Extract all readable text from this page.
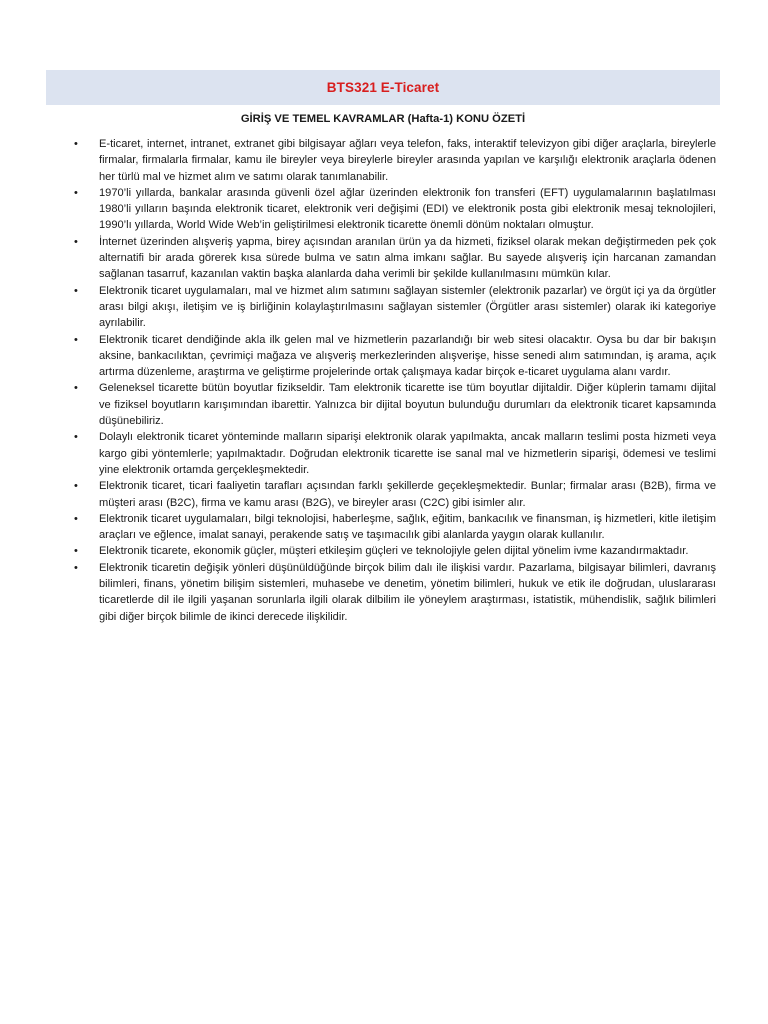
BTS321 E-Ticaret
GİRİŞ VE TEMEL KAVRAMLAR (Hafta-1) KONU ÖZETİ
• E-ticaret, internet, intranet, extranet gibi bilgisayar ağları veya telefon, faks, interaktif televizyon gibi diğer araçlarla, bireylerle firmalar, firmalarla firmalar, kamu ile bireyler veya bireylerle bireyler arasında yapılan ve karşılığı elektronik araçlarla ödenen her türlü mal ve hizmet alım ve satımı olarak tanımlanabilir.
• 1970’li yıllarda, bankalar arasında güvenli özel ağlar üzerinden elektronik fon transferi (EFT) uygulamalarının başlatılması 1980’li yılların başında elektronik ticaret, elektronik veri değişimi (EDI) ve elektronik posta gibi elektronik mesaj teknolojileri, 1990’lı yıllarda, World Wide Web’in geliştirilmesi elektronik ticarette önemli dönüm noktaları olmuştur.
• İnternet üzerinden alışveriş yapma, birey açısından aranılan ürün ya da hizmeti, fiziksel olarak mekan değiştirmeden pek çok alternatifi bir arada görerek kısa sürede bulma ve satın alma imkanı sağlar. Bu sayede alışveriş için harcanan zamandan sağlanan tasarruf, kazanılan vaktin başka alanlarda daha verimli bir şekilde kullanılmasını mümkün kılar.
• Elektronik ticaret uygulamaları, mal ve hizmet alım satımını sağlayan sistemler (elektronik pazarlar) ve örgüt içi ya da örgütler arası bilgi akışı, iletişim ve iş birliğinin kolaylaştırılmasını sağlayan sistemler (Örgütler arası sistemler) olarak iki kategoriye ayrılabilir.
• Elektronik ticaret dendiğinde akla ilk gelen mal ve hizmetlerin pazarlandığı bir web sitesi olacaktır. Oysa bu dar bir bakışın aksine, bankacılıktan, çevrimiçi mağaza ve alışveriş merkezlerinden alışverişe, hisse senedi alım satımından, iş arama, açık artırma düzenleme, araştırma ve geliştirme projelerinde ortak çalışmaya kadar birçok e-ticaret uygulama alanı vardır.
• Geleneksel ticarette bütün boyutlar fizikseldir. Tam elektronik ticarette ise tüm boyutlar dijitaldir. Diğer küplerin tamamı dijital ve fiziksel boyutların karışımından ibarettir. Yalnızca bir dijital boyutun bulunduğu durumları da elektronik ticaret kapsamında düşünebiliriz.
• Dolaylı elektronik ticaret yönteminde malların siparişi elektronik olarak yapılmakta, ancak malların teslimi posta hizmeti veya kargo gibi yöntemlerle; yapılmaktadır. Doğrudan elektronik ticarette ise sanal mal ve hizmetlerin siparişi, ödemesi ve teslimi yine elektronik ortamda gerçekleşmektedir.
• Elektronik ticaret, ticari faaliyetin tarafları açısından farklı şekillerde geçekleşmektedir. Bunlar; firmalar arası (B2B), firma ve müşteri arası (B2C), firma ve kamu arası (B2G), ve bireyler arası (C2C) gibi isimler alır.
• Elektronik ticaret uygulamaları, bilgi teknolojisi, haberleşme, sağlık, eğitim, bankacılık ve finansman, iş hizmetleri, kitle iletişim araçları ve eğlence, imalat sanayi, perakende satış ve taşımacılık gibi alanlarda yaygın olarak kullanılır.
• Elektronik ticarete, ekonomik güçler, müşteri etkileşim güçleri ve teknolojiyle gelen dijital yönelim ivme kazandırmaktadır.
• Elektronik ticaretin değişik yönleri düşünüldüğünde birçok bilim dalı ile ilişkisi vardır. Pazarlama, bilgisayar bilimleri, davranış bilimleri, finans, yönetim bilişim sistemleri, muhasebe ve denetim, yönetim bilimleri, hukuk ve etik ile doğrudan, uluslararası ticaretlerde dil ile ilgili yaşanan sorunlarla ilgili olarak dilbilim ile yöneylem araştırması, istatistik, mühendislik, sağlık bilimleri gibi diğer birçok bilimle de ikinci derecede ilişkilidir.
